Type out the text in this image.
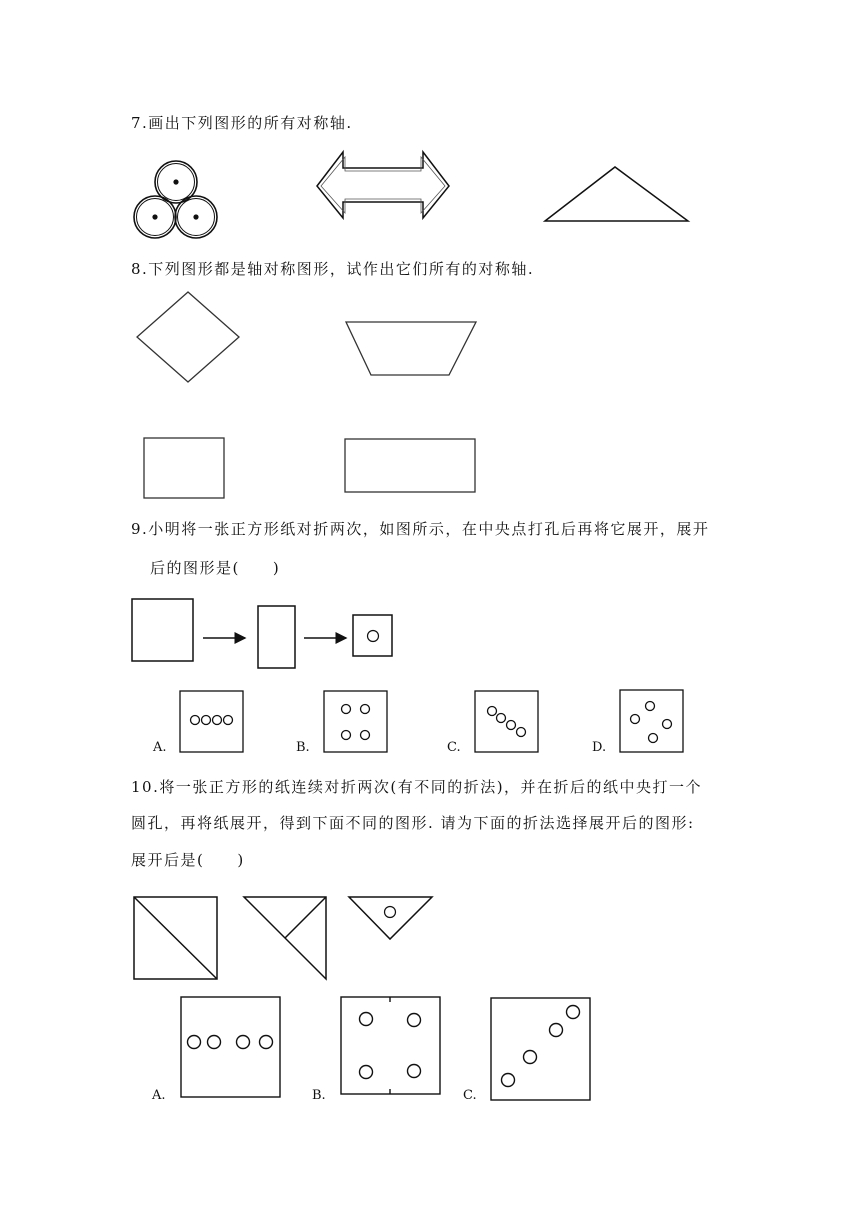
7.画出下列图形的所有对称轴.
8.下列图形都是轴对称图形，试作出它们所有的对称轴.
9.小明将一张正方形纸对折两次，如图所示，在中央点打孔后再将它展开，展开
后的图形是(　　)
10.将一张正方形的纸连续对折两次(有不同的折法)，并在折后的纸中央打一个
圆孔，再将纸展开，得到下面不同的图形. 请为下面的折法选择展开后的图形:
展开后是(　　)
A.	B.	C.	D.
A.	B.	C.
